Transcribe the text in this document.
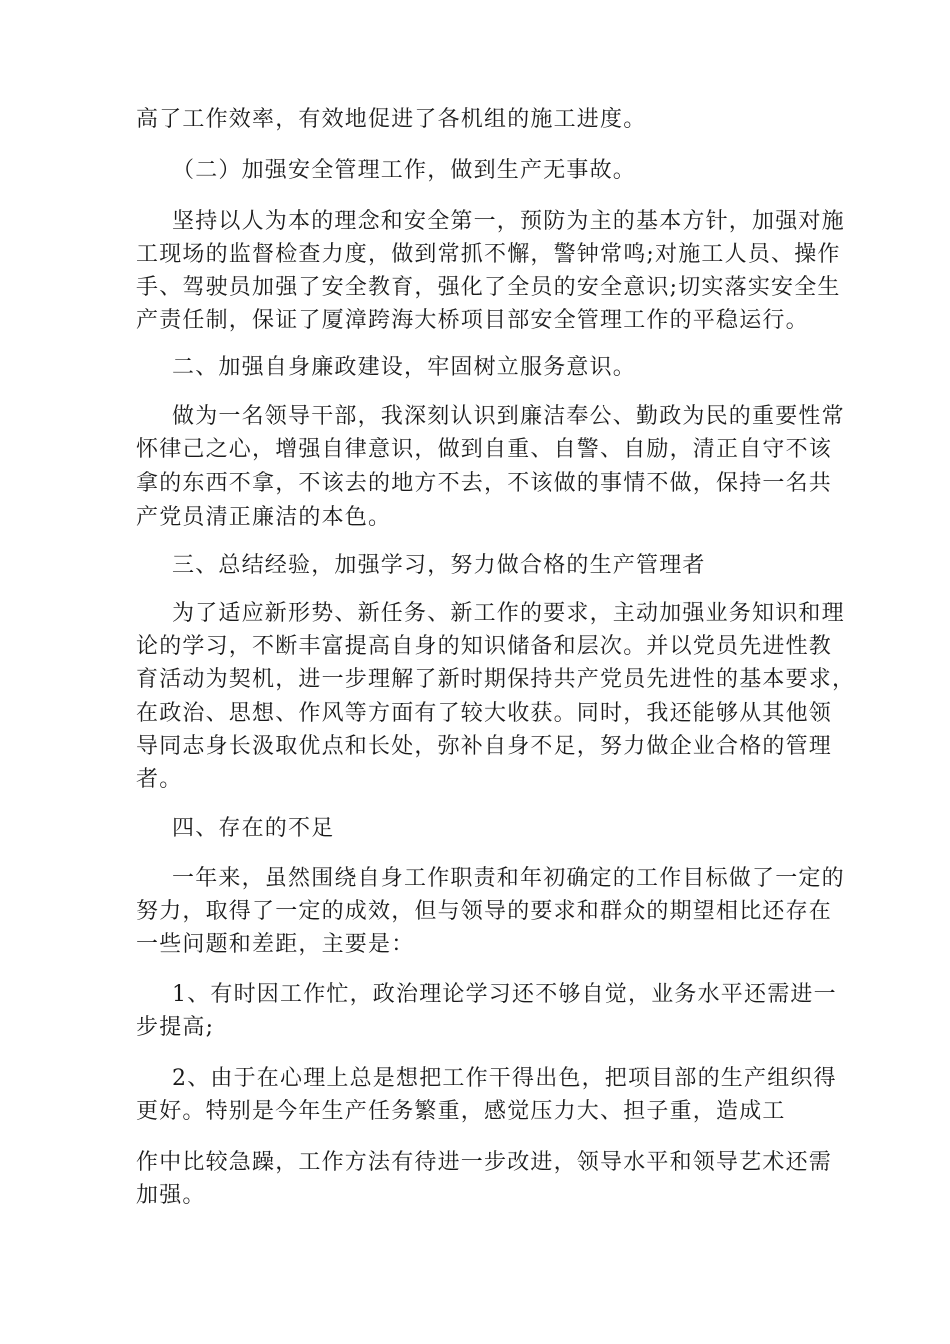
高了工作效率，有效地促进了各机组的施工进度。
（二）加强安全管理工作，做到生产无事故。
坚持以人为本的理念和安全第一，预防为主的基本方针，加强对施
工现场的监督检查力度，做到常抓不懈，警钟常鸣;对施工人员、操作
手、驾驶员加强了安全教育，强化了全员的安全意识;切实落实安全生
产责任制，保证了厦漳跨海大桥项目部安全管理工作的平稳运行。
二、加强自身廉政建设，牢固树立服务意识。
做为一名领导干部，我深刻认识到廉洁奉公、勤政为民的重要性常
怀律己之心，增强自律意识，做到自重、自警、自励，清正自守不该
拿的东西不拿，不该去的地方不去，不该做的事情不做，保持一名共
产党员清正廉洁的本色。
三、总结经验，加强学习，努力做合格的生产管理者
为了适应新形势、新任务、新工作的要求，主动加强业务知识和理
论的学习，不断丰富提高自身的知识储备和层次。并以党员先进性教
育活动为契机，进一步理解了新时期保持共产党员先进性的基本要求，
在政治、思想、作风等方面有了较大收获。同时，我还能够从其他领
导同志身长汲取优点和长处，弥补自身不足，努力做企业合格的管理
者。
四、存在的不足
一年来，虽然围绕自身工作职责和年初确定的工作目标做了一定的
努力，取得了一定的成效，但与领导的要求和群众的期望相比还存在
一些问题和差距，主要是：
1、有时因工作忙，政治理论学习还不够自觉，业务水平还需进一
步提高;
2、由于在心理上总是想把工作干得出色，把项目部的生产组织得
更好。特别是今年生产任务繁重，感觉压力大、担子重，造成工
作中比较急躁，工作方法有待进一步改进，领导水平和领导艺术还需
加强。
